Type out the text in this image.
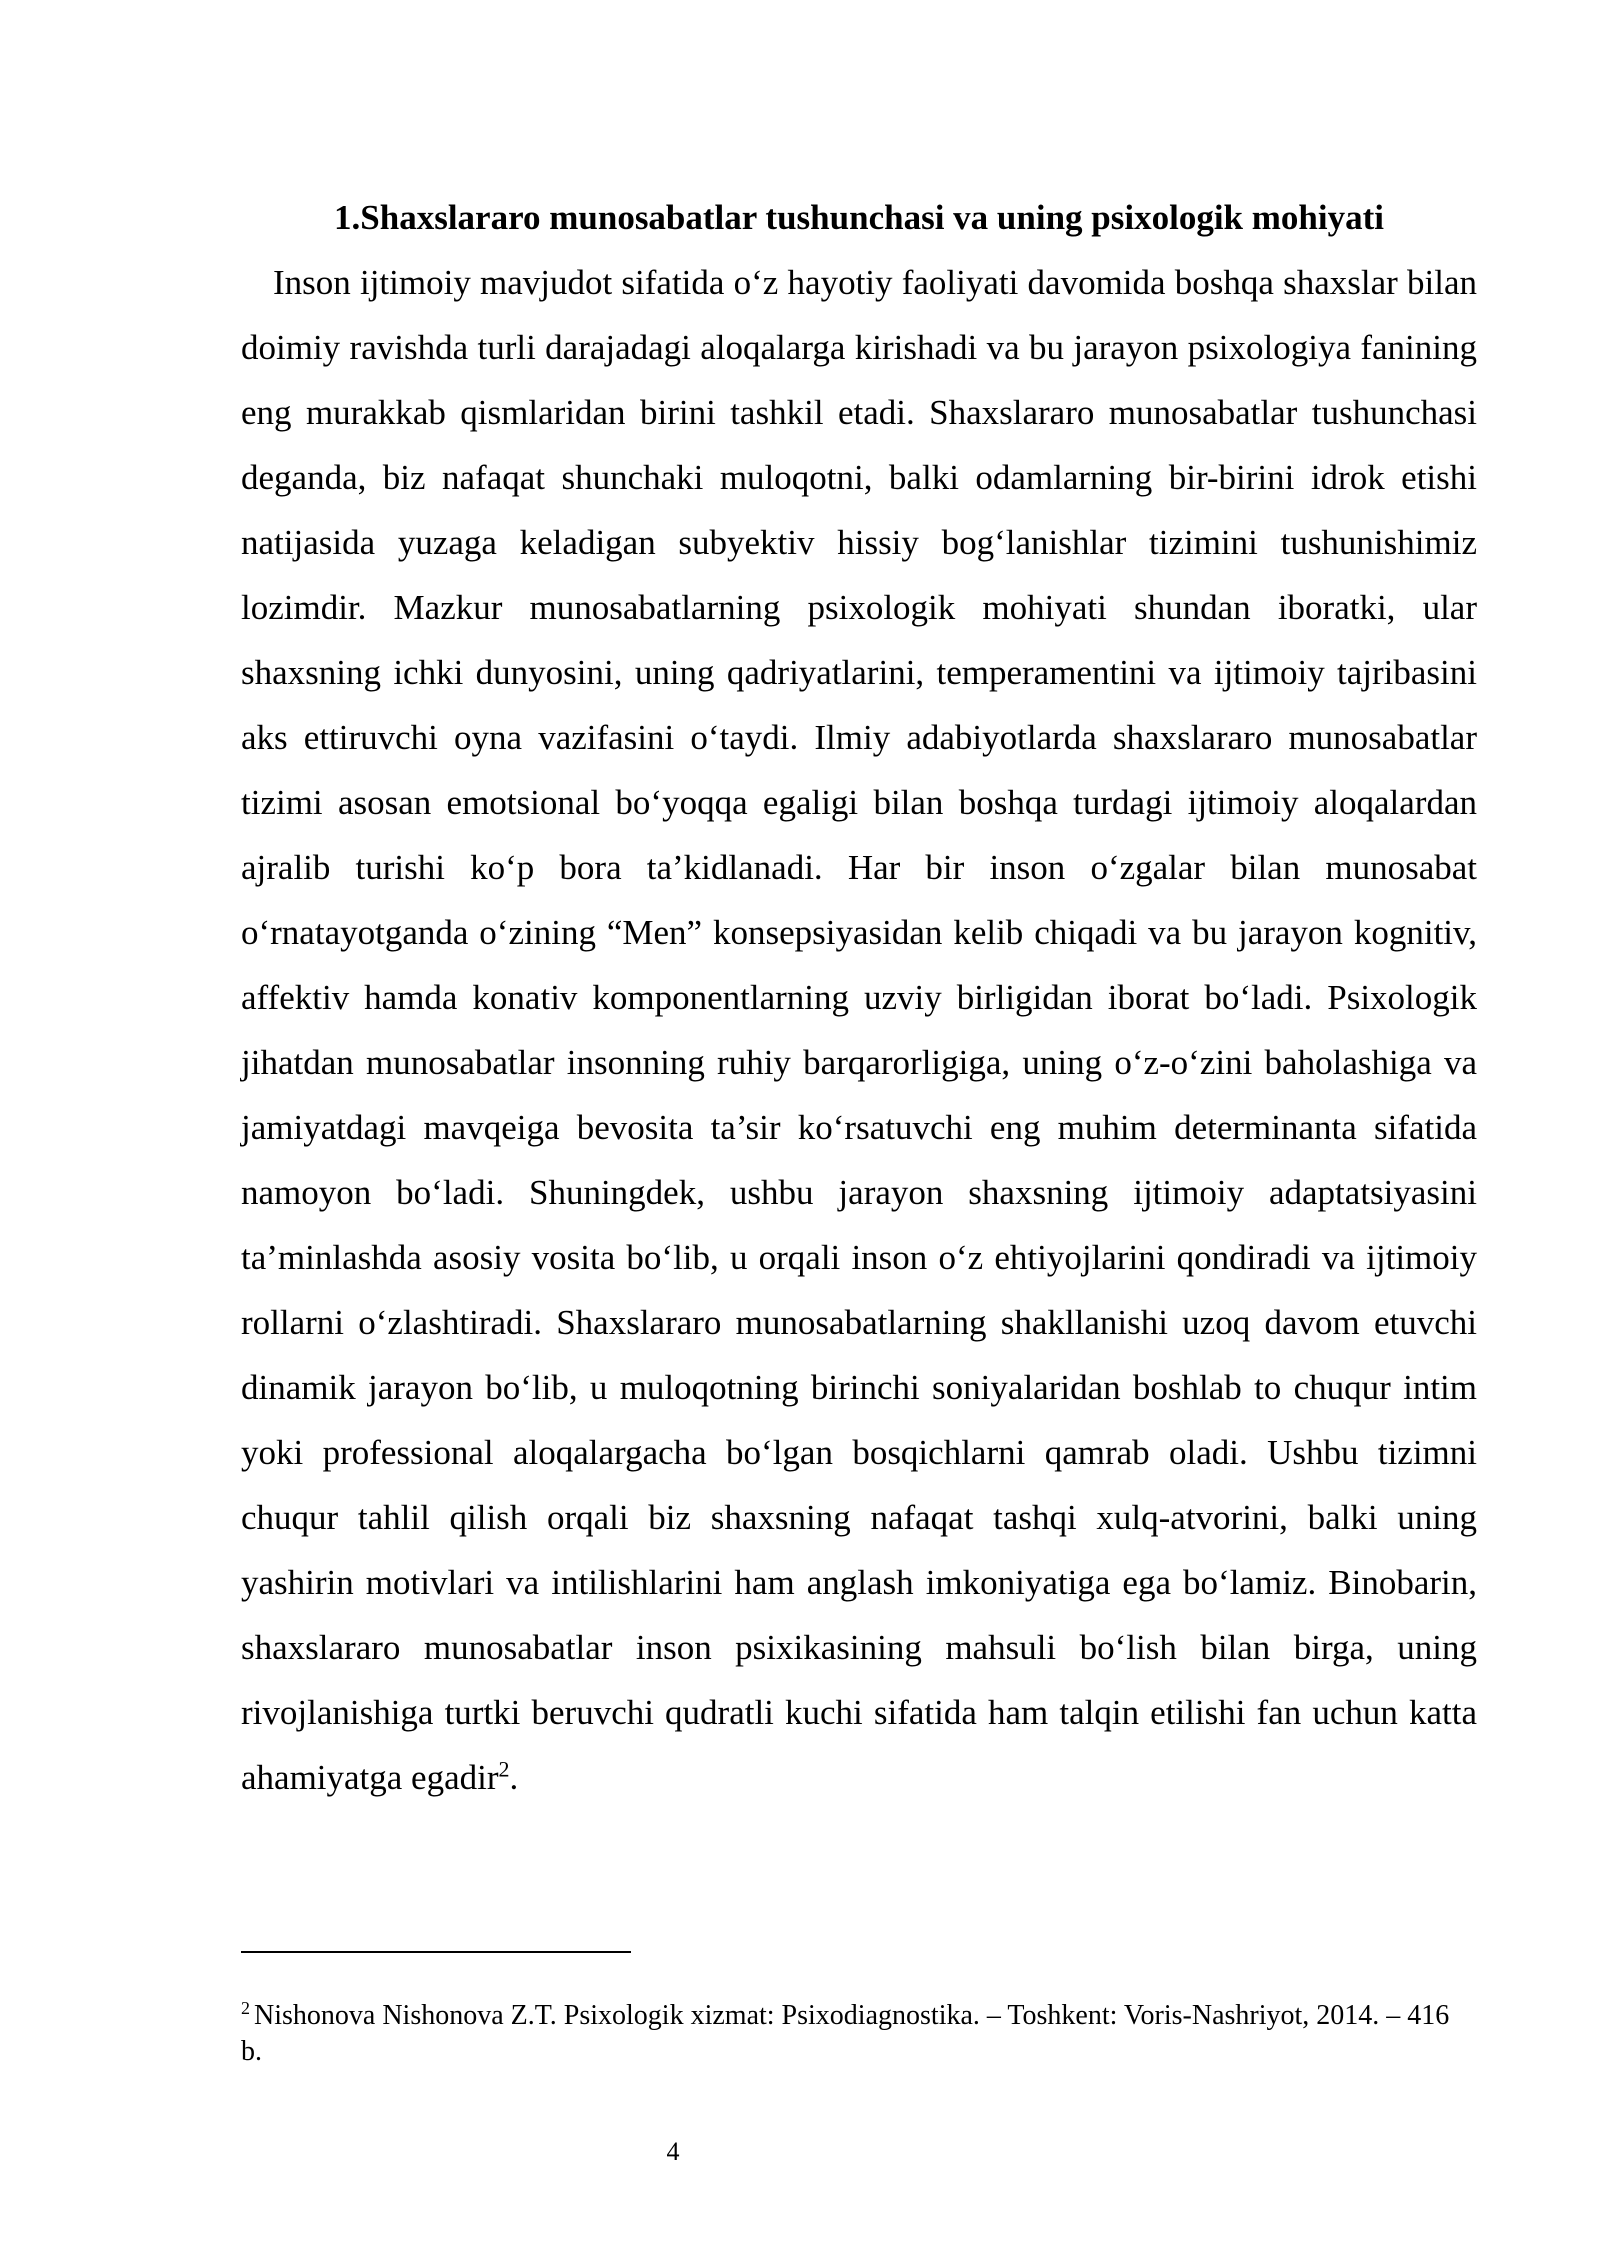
1.Shaxslararo munosabatlar tushunchasi va uning psixologik mohiyati

Inson ijtimoiy mavjudot sifatida o‘z hayotiy faoliyati davomida boshqa shaxslar bilan doimiy ravishda turli darajadagi aloqalarga kirishadi va bu jarayon psixologiya fanining eng murakkab qismlaridan birini tashkil etadi. Shaxslararo munosabatlar tushunchasi deganda, biz nafaqat shunchaki muloqotni, balki odamlarning bir-birini idrok etishi natijasida yuzaga keladigan subyektiv hissiy bog‘lanishlar tizimini tushunishimiz lozimdir. Mazkur munosabatlarning psixologik mohiyati shundan iboratki, ular shaxsning ichki dunyosini, uning qadriyatlarini, temperamentini va ijtimoiy tajribasini aks ettiruvchi oyna vazifasini o‘taydi. Ilmiy adabiyotlarda shaxslararo munosabatlar tizimi asosan emotsional bo‘yoqqa egaligi bilan boshqa turdagi ijtimoiy aloqalardan ajralib turishi ko‘p bora ta’kidlanadi. Har bir inson o‘zgalar bilan munosabat o‘rnatayotganda o‘zining “Men” konsepsiyasidan kelib chiqadi va bu jarayon kognitiv, affektiv hamda konativ komponentlarning uzviy birligidan iborat bo‘ladi. Psixologik jihatdan munosabatlar insonning ruhiy barqarorligiga, uning o‘z-o‘zini baholashiga va jamiyatdagi mavqeiga bevosita ta’sir ko‘rsatuvchi eng muhim determinanta sifatida namoyon bo‘ladi. Shuningdek, ushbu jarayon shaxsning ijtimoiy adaptatsiyasini ta’minlashda asosiy vosita bo‘lib, u orqali inson o‘z ehtiyojlarini qondiradi va ijtimoiy rollarni o‘zlashtiradi. Shaxslararo munosabatlarning shakllanishi uzoq davom etuvchi dinamik jarayon bo‘lib, u muloqotning birinchi soniyalaridan boshlab to chuqur intim yoki professional aloqalargacha bo‘lgan bosqichlarni qamrab oladi. Ushbu tizimni chuqur tahlil qilish orqali biz shaxsning nafaqat tashqi xulq-atvorini, balki uning yashirin motivlari va intilishlarini ham anglash imkoniyatiga ega bo‘lamiz. Binobarin, shaxslararo munosabatlar inson psixikasining mahsuli bo‘lish bilan birga, uning rivojlanishiga turtki beruvchi qudratli kuchi sifatida ham talqin etilishi fan uchun katta ahamiyatga egadir$^2$.

$^2$ Nishonova Nishonova Z.T. Psixologik xizmat: Psixodiagnostika. – Toshkent: Voris-Nashriyot, 2014. – 416 b.

4
